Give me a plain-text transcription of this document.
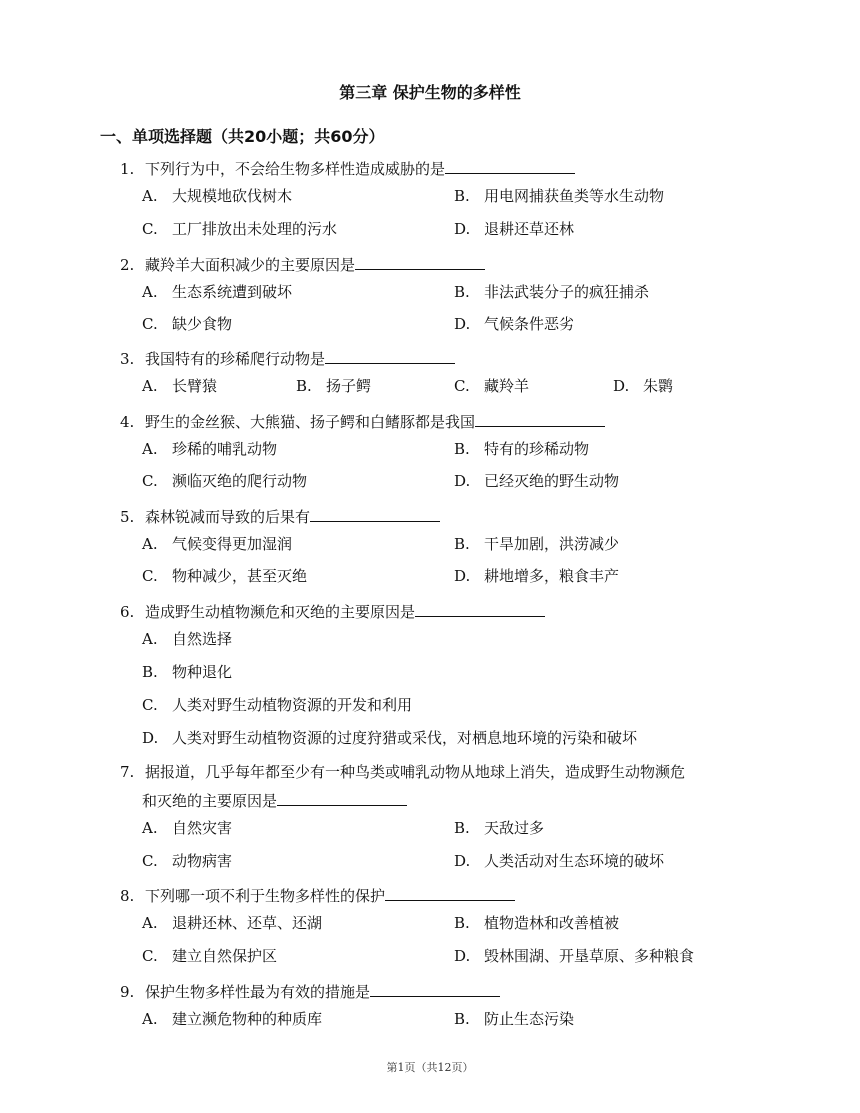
第三章 保护生物的多样性
一、单项选择题（共20小题；共60分）
1. 下列行为中，不会给生物多样性造成威胁的是
A. 大规模地砍伐树木	B. 用电网捕获鱼类等水生动物
C. 工厂排放出未处理的污水	D. 退耕还草还林
2. 藏羚羊大面积减少的主要原因是
A. 生态系统遭到破坏	B. 非法武装分子的疯狂捕杀
C. 缺少食物	D. 气候条件恶劣
3. 我国特有的珍稀爬行动物是
A. 长臂猿	B. 扬子鳄	C. 藏羚羊	D. 朱鹮
4. 野生的金丝猴、大熊猫、扬子鳄和白鳍豚都是我国
A. 珍稀的哺乳动物	B. 特有的珍稀动物
C. 濒临灭绝的爬行动物	D. 已经灭绝的野生动物
5. 森林锐减而导致的后果有
A. 气候变得更加湿润	B. 干旱加剧，洪涝减少
C. 物种减少，甚至灭绝	D. 耕地增多，粮食丰产
6. 造成野生动植物濒危和灭绝的主要原因是
A. 自然选择
B. 物种退化
C. 人类对野生动植物资源的开发和利用
D. 人类对野生动植物资源的过度狩猎或采伐，对栖息地环境的污染和破坏
7. 据报道，几乎每年都至少有一种鸟类或哺乳动物从地球上消失，造成野生动物濒危
和灭绝的主要原因是
A. 自然灾害	B. 天敌过多
C. 动物病害	D. 人类活动对生态环境的破坏
8. 下列哪一项不利于生物多样性的保护
A. 退耕还林、还草、还湖	B. 植物造林和改善植被
C. 建立自然保护区	D. 毁林围湖、开垦草原、多种粮食
9. 保护生物多样性最为有效的措施是
A. 建立濒危物种的种质库	B. 防止生态污染
第1页（共12页）
